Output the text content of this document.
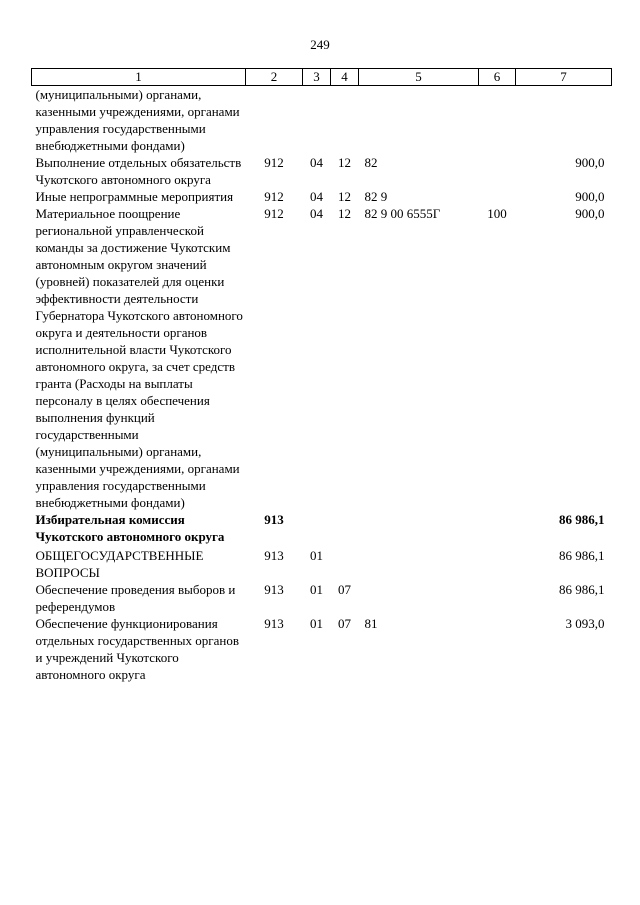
249
1	2	3	4	5	6	7
(муниципальными) органами, казенными учреждениями, органами управления государственными внебюджетными фондами)						
Выполнение отдельных обязательств Чукотского автономного округа	912	04	12	82		900,0
Иные непрограммные мероприятия	912	04	12	82 9		900,0
Материальное поощрение региональной управленческой команды за достижение Чукотским автономным округом значений (уровней) показателей для оценки эффективности деятельности Губернатора Чукотского автономного округа и деятельности органов исполнительной власти Чукотского автономного округа, за счет средств гранта (Расходы на выплаты персоналу в целях обеспечения выполнения функций государственными (муниципальными) органами, казенными учреждениями, органами управления государственными внебюджетными фондами)	912	04	12	82 9 00 6555Г	100	900,0
Избирательная комиссия Чукотского автономного округа	913					86 986,1
ОБЩЕГОСУДАРСТВЕННЫЕ ВОПРОСЫ	913	01				86 986,1
Обеспечение проведения выборов и референдумов	913	01	07			86 986,1
Обеспечение функционирования отдельных государственных органов и учреждений Чукотского автономного округа	913	01	07	81		3 093,0
